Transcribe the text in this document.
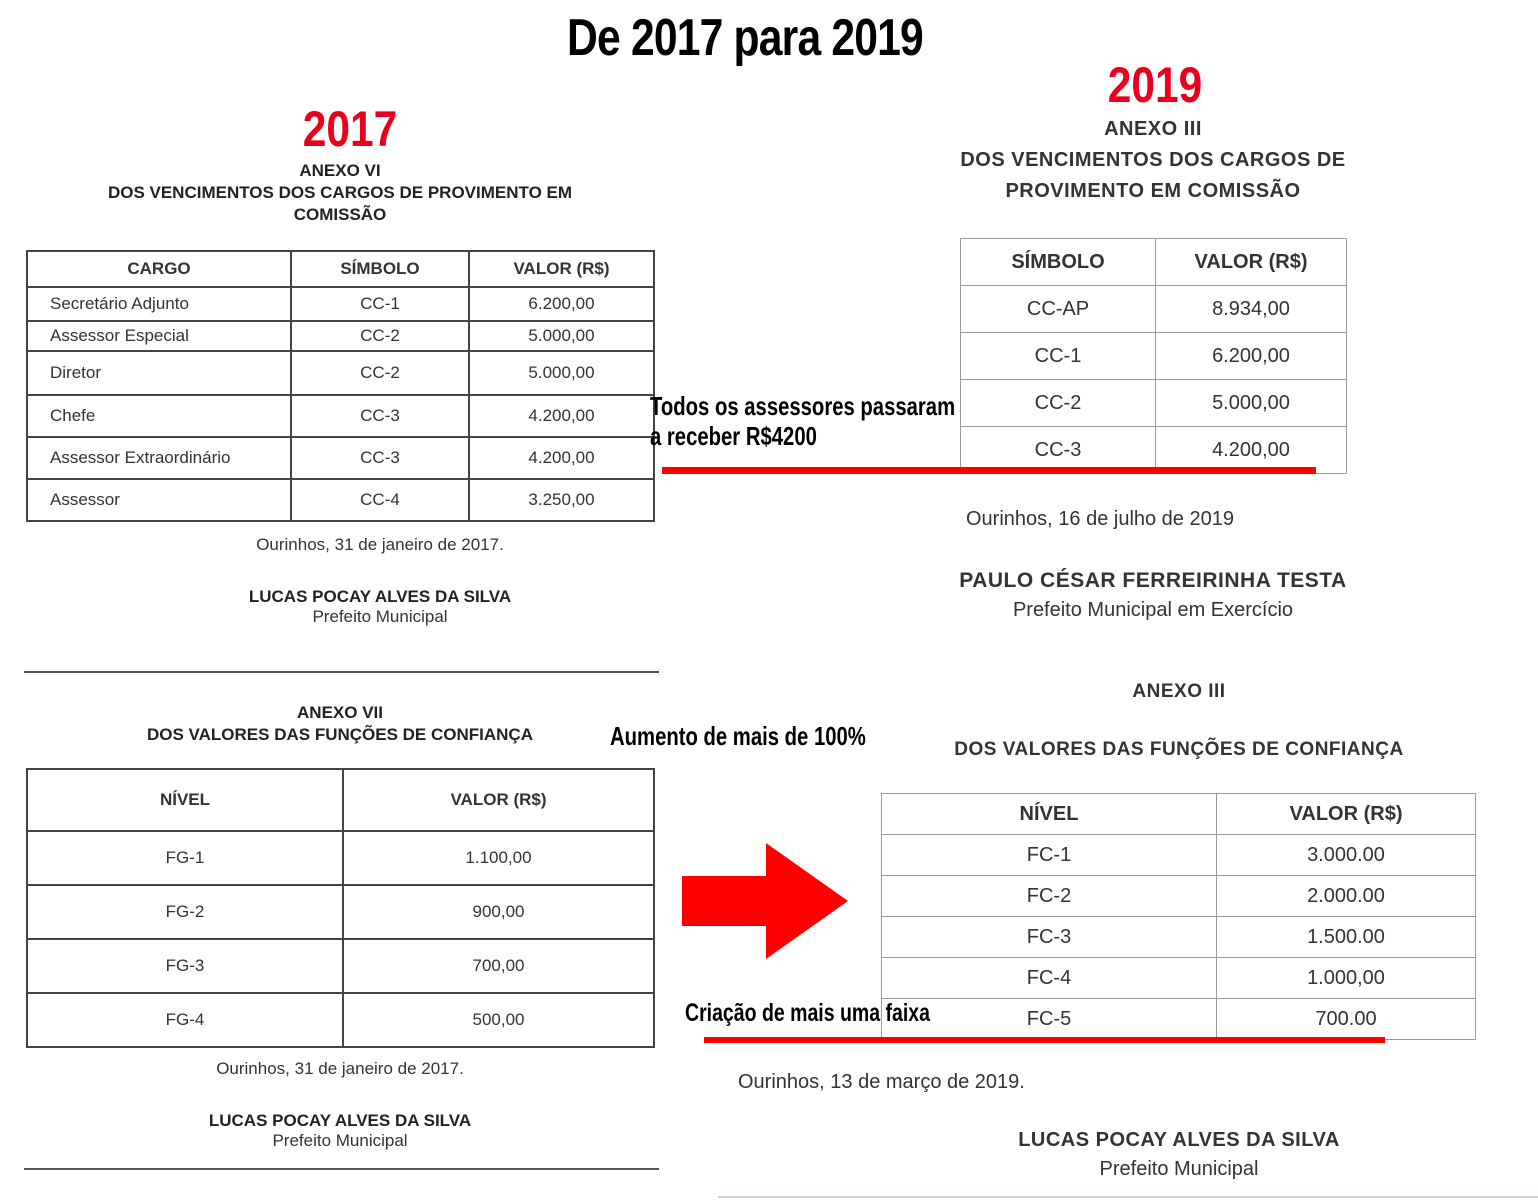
De 2017 para 2019
2017
ANEXO VI
DOS VENCIMENTOS DOS CARGOS DE PROVIMENTO EM
COMISSÃO
CARGO	SÍMBOLO	VALOR (R$)
Secretário Adjunto	CC-1	6.200,00
Assessor Especial	CC-2	5.000,00
Diretor	CC-2	5.000,00
Chefe	CC-3	4.200,00
Assessor Extraordinário	CC-3	4.200,00
Assessor	CC-4	3.250,00
Ourinhos, 31 de janeiro de 2017.
LUCAS POCAY ALVES DA SILVA
Prefeito Municipal
ANEXO VII
DOS VALORES DAS FUNÇÕES DE CONFIANÇA
NÍVEL	VALOR (R$)
FG-1	1.100,00
FG-2	900,00
FG-3	700,00
FG-4	500,00
Ourinhos, 31 de janeiro de 2017.
LUCAS POCAY ALVES DA SILVA
Prefeito Municipal
2019
ANEXO III
DOS VENCIMENTOS DOS CARGOS DE
PROVIMENTO EM COMISSÃO
SÍMBOLO	VALOR (R$)
CC-AP	8.934,00
CC-1	6.200,00
CC-2	5.000,00
CC-3	4.200,00
Ourinhos, 16 de julho de 2019
PAULO CÉSAR FERREIRINHA TESTA
Prefeito Municipal em Exercício
ANEXO III
DOS VALORES DAS FUNÇÕES DE CONFIANÇA
NÍVEL	VALOR (R$)
FC-1	3.000.00
FC-2	2.000.00
FC-3	1.500.00
FC-4	1.000,00
FC-5	700.00
Ourinhos, 13 de março de 2019.
LUCAS POCAY ALVES DA SILVA
Prefeito Municipal
Todos os assessores passaram
a receber R$4200
Aumento de mais de 100%
Criação de mais uma faixa
